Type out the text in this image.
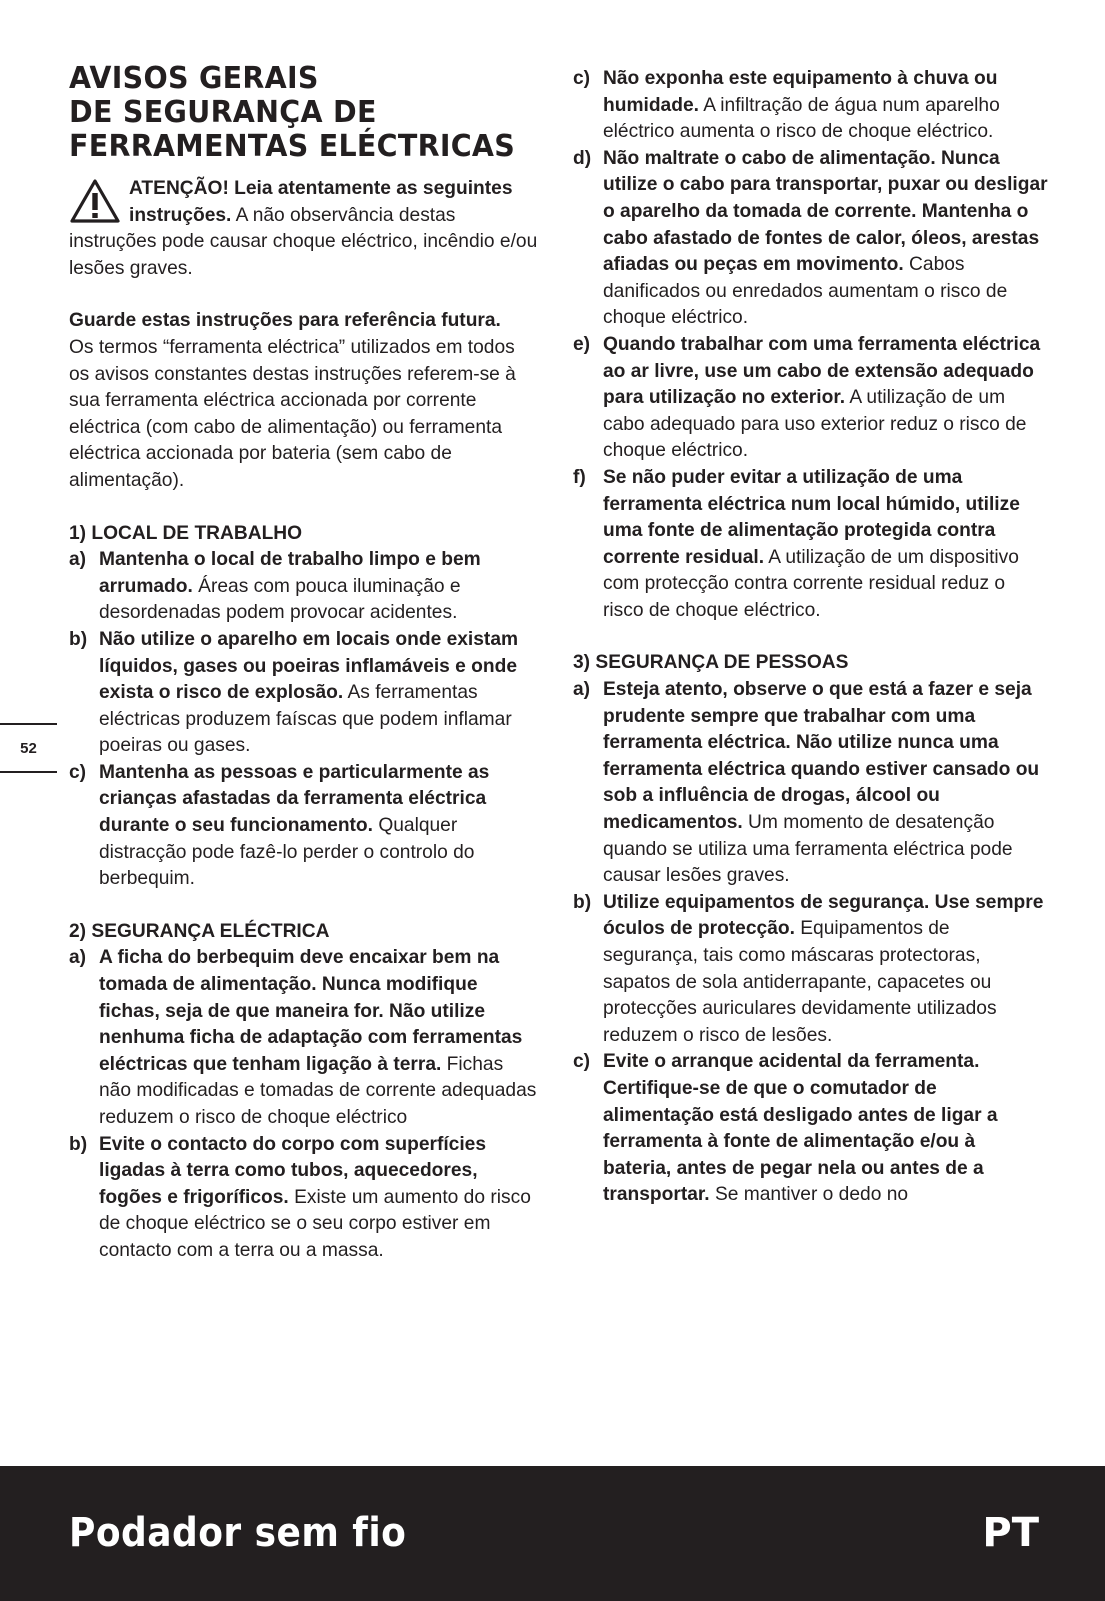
AVISOS GERAIS
DE SEGURANÇA DE
FERRAMENTAS ELÉCTRICAS

ATENÇÃO! Leia atentamente as seguintes instruções. A não observância destas instruções pode causar choque eléctrico, incêndio e/ou lesões graves.

Guarde estas instruções para referência futura.

Os termos “ferramenta eléctrica” utilizados em todos os avisos constantes destas instruções referem-se à sua ferramenta eléctrica accionada por corrente eléctrica (com cabo de alimentação) ou ferramenta eléctrica accionada por bateria (sem cabo de alimentação).

1) LOCAL DE TRABALHO

a) Mantenha o local de trabalho limpo e bem arrumado. Áreas com pouca iluminação e desordenadas podem provocar acidentes.
b) Não utilize o aparelho em locais onde existam líquidos, gases ou poeiras inflamáveis e onde exista o risco de explosão. As ferramentas eléctricas produzem faíscas que podem inflamar poeiras ou gases.
c) Mantenha as pessoas e particularmente as crianças afastadas da ferramenta eléctrica durante o seu funcionamento. Qualquer distracção pode fazê-lo perder o controlo do berbequim.

2) SEGURANÇA ELÉCTRICA

a) A ficha do berbequim deve encaixar bem na tomada de alimentação. Nunca modifique fichas, seja de que maneira for. Não utilize nenhuma ficha de adaptação com ferramentas eléctricas que tenham ligação à terra. Fichas não modificadas e tomadas de corrente adequadas reduzem o risco de choque eléctrico
b) Evite o contacto do corpo com superfícies ligadas à terra como tubos, aquecedores, fogões e frigoríficos. Existe um aumento do risco de choque eléctrico se o seu corpo estiver em contacto com a terra ou a massa.
c) Não exponha este equipamento à chuva ou humidade. A infiltração de água num aparelho eléctrico aumenta o risco de choque eléctrico.
d) Não maltrate o cabo de alimentação. Nunca utilize o cabo para transportar, puxar ou desligar o aparelho da tomada de corrente. Mantenha o cabo afastado de fontes de calor, óleos, arestas afiadas ou peças em movimento. Cabos danificados ou enredados aumentam o risco de choque eléctrico.
e) Quando trabalhar com uma ferramenta eléctrica ao ar livre, use um cabo de extensão adequado para utilização no exterior. A utilização de um cabo adequado para uso exterior reduz o risco de choque eléctrico.
f) Se não puder evitar a utilização de uma ferramenta eléctrica num local húmido, utilize uma fonte de alimentação protegida contra corrente residual. A utilização de um dispositivo com protecção contra corrente residual reduz o risco de choque eléctrico.

3) SEGURANÇA DE PESSOAS

a) Esteja atento, observe o que está a fazer e seja prudente sempre que trabalhar com uma ferramenta eléctrica. Não utilize nunca uma ferramenta eléctrica quando estiver cansado ou sob a influência de drogas, álcool ou medicamentos. Um momento de desatenção quando se utiliza uma ferramenta eléctrica pode causar lesões graves.
b) Utilize equipamentos de segurança. Use sempre óculos de protecção. Equipamentos de segurança, tais como máscaras protectoras, sapatos de sola antiderrapante, capacetes ou protecções auriculares devidamente utilizados reduzem o risco de lesões.
c) Evite o arranque acidental da ferramenta. Certifique-se de que o comutador de alimentação está desligado antes de ligar a ferramenta à fonte de alimentação e/ou à bateria, antes de pegar nela ou antes de a transportar. Se mantiver o dedo no
52
Podador sem fio	PT
